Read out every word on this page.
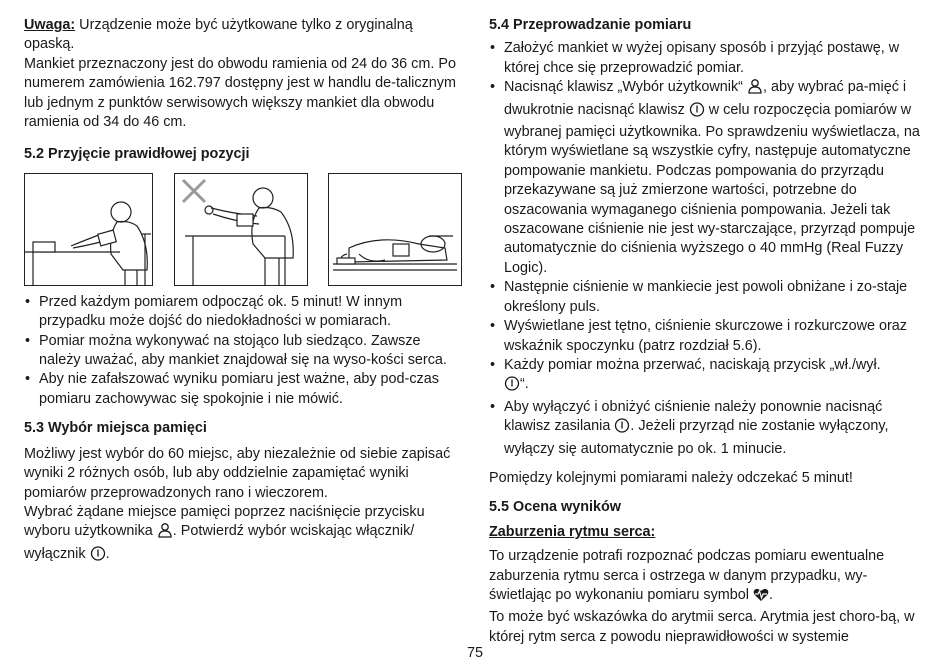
Uwaga: Urządzenie może być użytkowane tylko z oryginalną opaską.

Mankiet przeznaczony jest do obwodu ramienia od 24 do 36 cm. Po numerem zamówienia 162.797 dostępny jest w handlu de-talicznym lub jednym z punktów serwisowych większy mankiet dla obwodu ramienia od 34 do 46 cm.

5.2 Przyjęcie prawidłowej pozycji
• Przed każdym pomiarem odpocząć ok. 5 minut! W innym przypadku może dojść do niedokładności w pomiarach.
• Pomiar można wykonywać na stojąco lub siedząco. Zawsze należy uważać, aby mankiet znajdował się na wyso-kości serca.
• Aby nie zafałszować wyniku pomiaru jest ważne, aby pod-czas pomiaru zachowywac się spokojnie i nie mówić.
5.3 Wybór miejsca pamięci

Możliwy jest wybór do 60 miejsc, aby niezależnie od siebie zapisać wyniki 2 różnych osób, lub aby oddzielnie zapamiętać wyniki pomiarów przeprowadzonych rano i wieczorem.

Wybrać żądane miejsce pamięci poprzez naciśnięcie przycisku wyboru użytkownika . Potwierdź wybór wciskając włącznik/ wyłącznik .

5.4 Przeprowadzanie pomiaru
• Założyć mankiet w wyżej opisany sposób i przyjąć postawę, w której chce się przeprowadzić pomiar.
• Nacisnąć klawisz „Wybór użytkownik“ , aby wybrać pa-mięć i dwukrotnie nacisnąć klawisz  w celu rozpoczęcia pomiarów w wybranej pamięci użytkownika. Po sprawdzeniu wyświetlacza, na którym wyświetlane są wszystkie cyfry, następuje automatyczne pompowanie mankietu. Podczas pompowania do przyrządu przekazywane są już zmierzone wartości, potrzebne do oszacowania wymaganego ciśnienia pompowania. Jeżeli tak oszacowane ciśnienie nie jest wy-starczające, przyrząd pompuje automatycznie do ciśnienia wyższego o 40 mmHg (Real Fuzzy Logic).
• Następnie ciśnienie w mankiecie jest powoli obniżane i zo-staje określony puls.
• Wyświetlane jest tętno, ciśnienie skurczowe i rozkurczowe oraz wskaźnik spoczynku (patrz rozdział 5.6).
• Każdy pomiar można przerwać, naciskają przycisk „wł./wył.
“.
• Aby wyłączyć i obniżyć ciśnienie należy ponownie nacisnąć klawisz zasilania . Jeżeli przyrząd nie zostanie wyłączony, wyłączy się automatycznie po ok. 1 minucie.

Pomiędzy kolejnymi pomiarami należy odczekać 5 minut!

5.5 Ocena wyników

Zaburzenia rytmu serca:

To urządzenie potrafi rozpoznać podczas pomiaru ewentualne zaburzenia rytmu serca i ostrzega w danym przypadku, wy-świetlając po wykonaniu pomiaru symbol .

To może być wskazówka do arytmii serca. Arytmia jest choro-bą, w której rytm serca z powodu nieprawidłowości w systemie

75
